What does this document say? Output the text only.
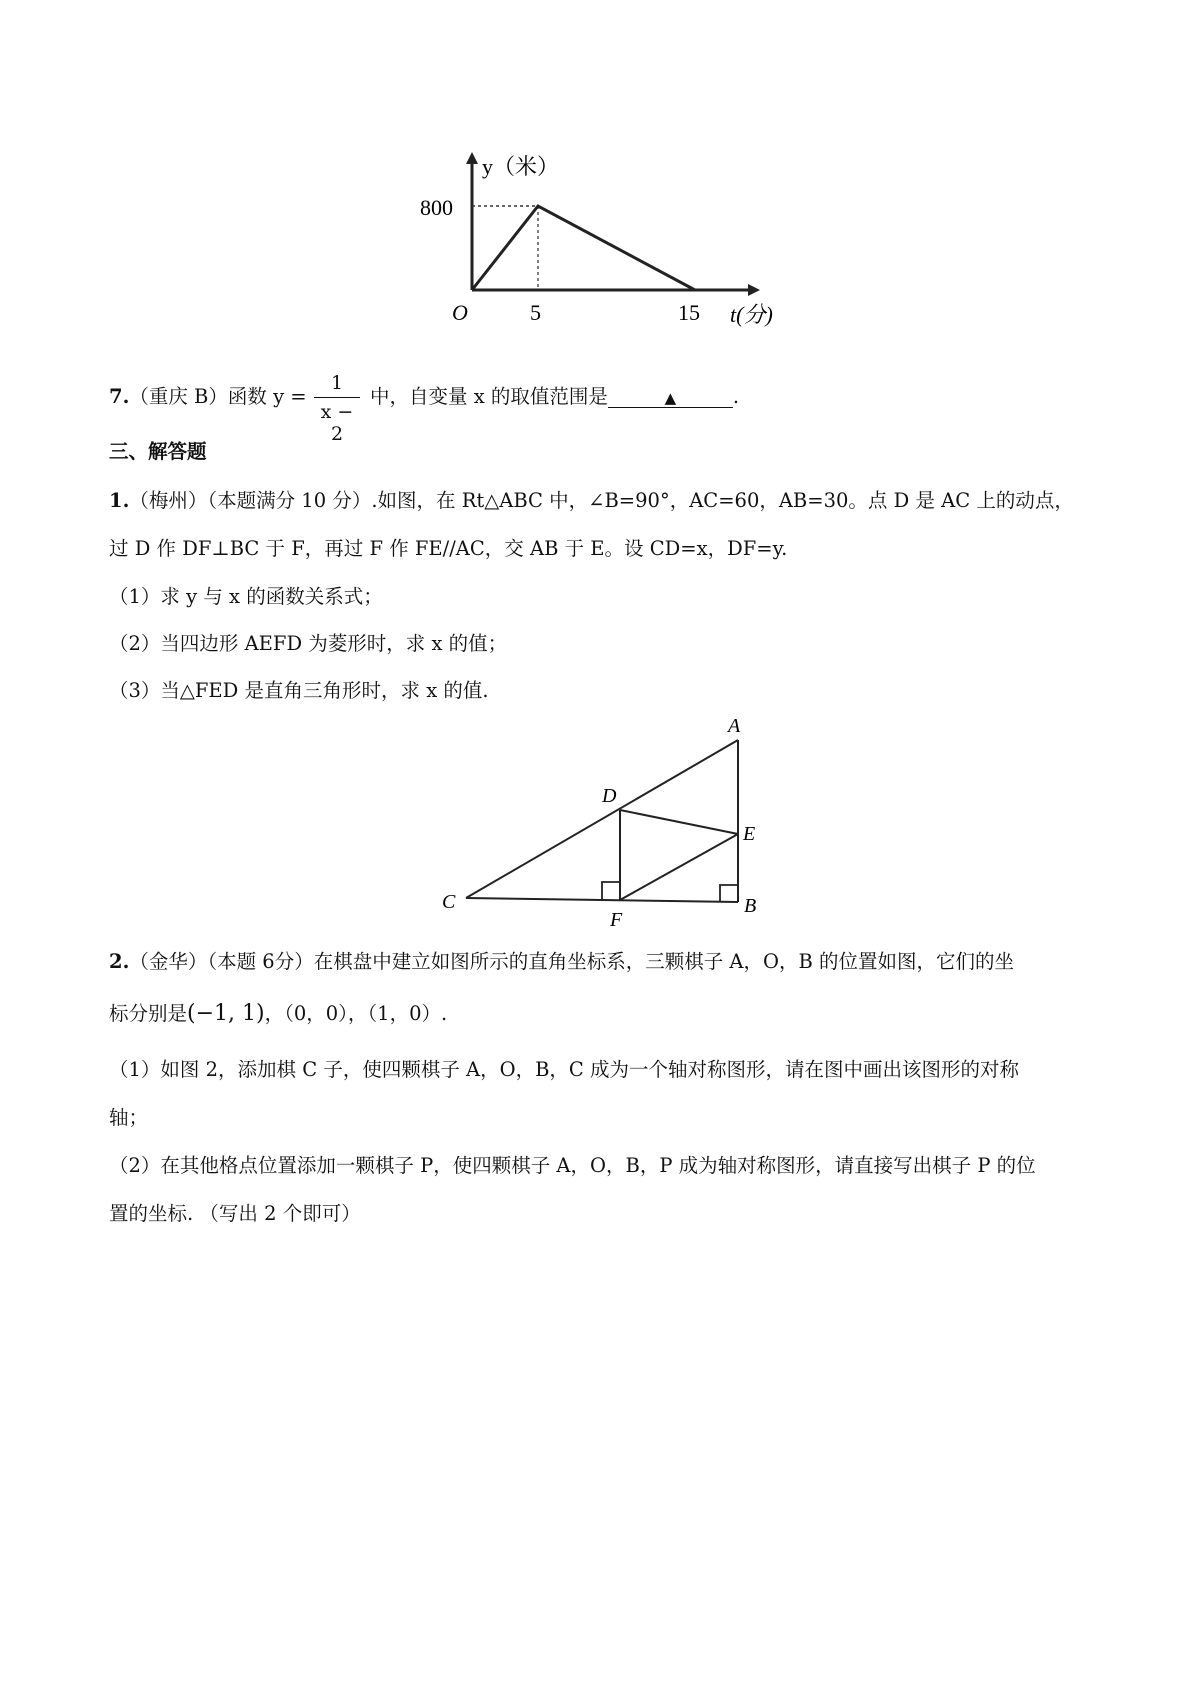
y（米）
800
O	5	15 t(分)
7.（重庆 B）函数 y =
1
x − 2
中，自变量 x 的取值范围是	▲	.
三、解答题
1.（梅州）（本题满分 10 分）.如图，在 Rt△ABC 中，∠B=90°，AC=60，AB=30。点 D 是 AC 上的动点，
过 D 作 DF⊥BC 于 F，再过 F 作 FE//AC，交 AB 于 E。设 CD=x，DF=y.
（1）求 y 与 x 的函数关系式；
（2）当四边形 AEFD 为菱形时，求 x 的值；
（3）当△FED 是直角三角形时，求 x 的值.
A
D
E
C
F
B
2.（金华）（本题 6分）在棋盘中建立如图所示的直角坐标系，三颗棋子 A，O，B 的位置如图，它们的坐
标分别是(−1, 1)，（0，0），（1，0）.
（1）如图 2，添加棋 C 子，使四颗棋子 A，O，B，C 成为一个轴对称图形，请在图中画出该图形的对称
轴；
（2）在其他格点位置添加一颗棋子 P，使四颗棋子 A，O，B，P 成为轴对称图形，请直接写出棋子 P 的位
置的坐标. （写出 2 个即可）
